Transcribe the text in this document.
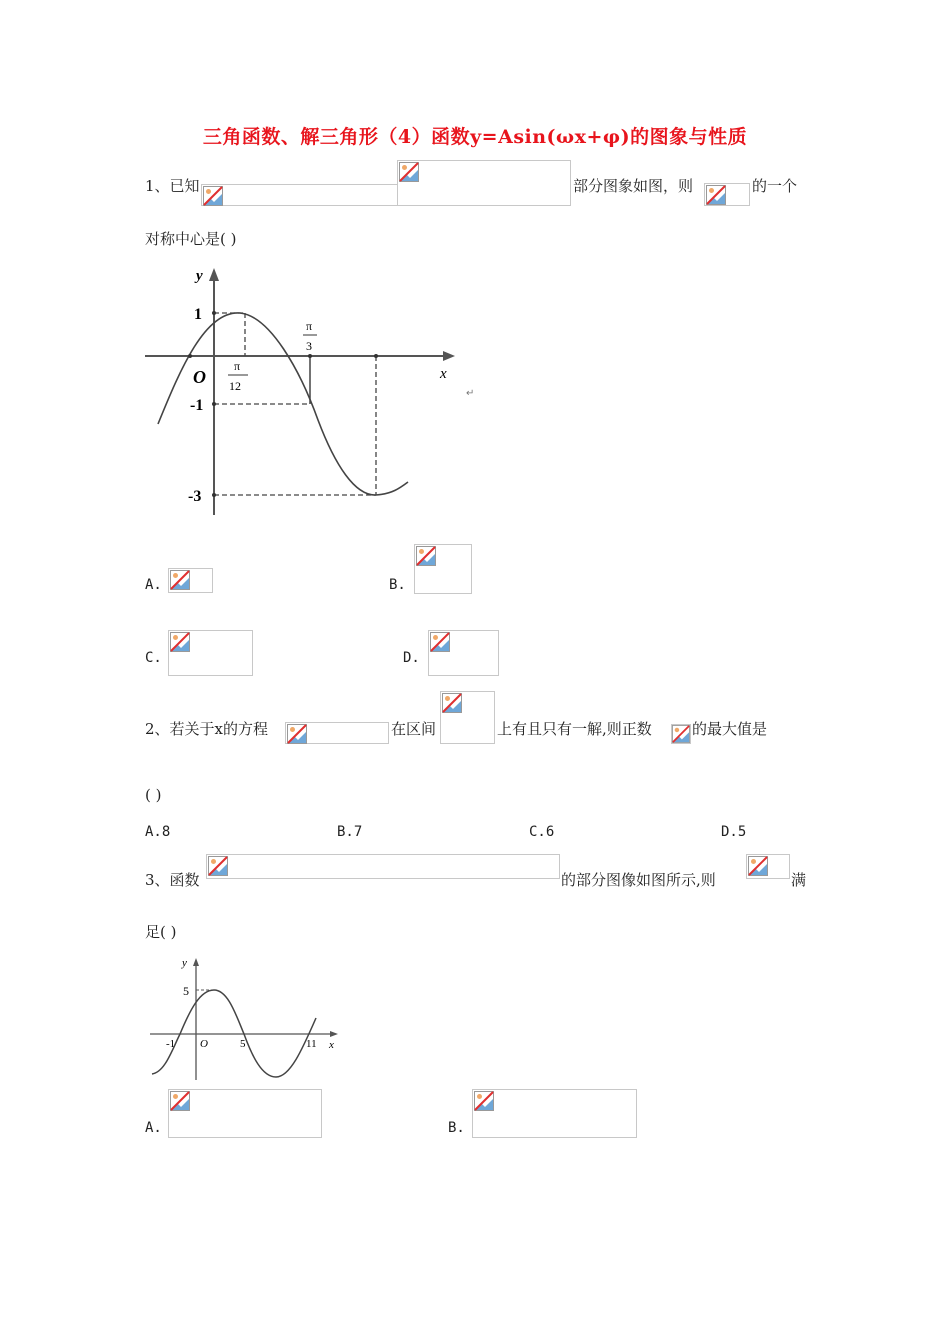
三角函数、解三角形（4）函数y=Asin(ωx+φ)的图象与性质
1、已知	部分图象如图，则	的一个
对称中心是( )
y
x
O
1
-1
-3
π
12
π
3
↵
A.	B.
C.	D.
2、若关于x的方程	在区间	上有且只有一解,则正数	的最大值是
( )
A.8	B.7	C.6	D.5
3、函数	的部分图像如图所示,则	满
足( )
y
x
O
5
-1	5	11
A.	B.
